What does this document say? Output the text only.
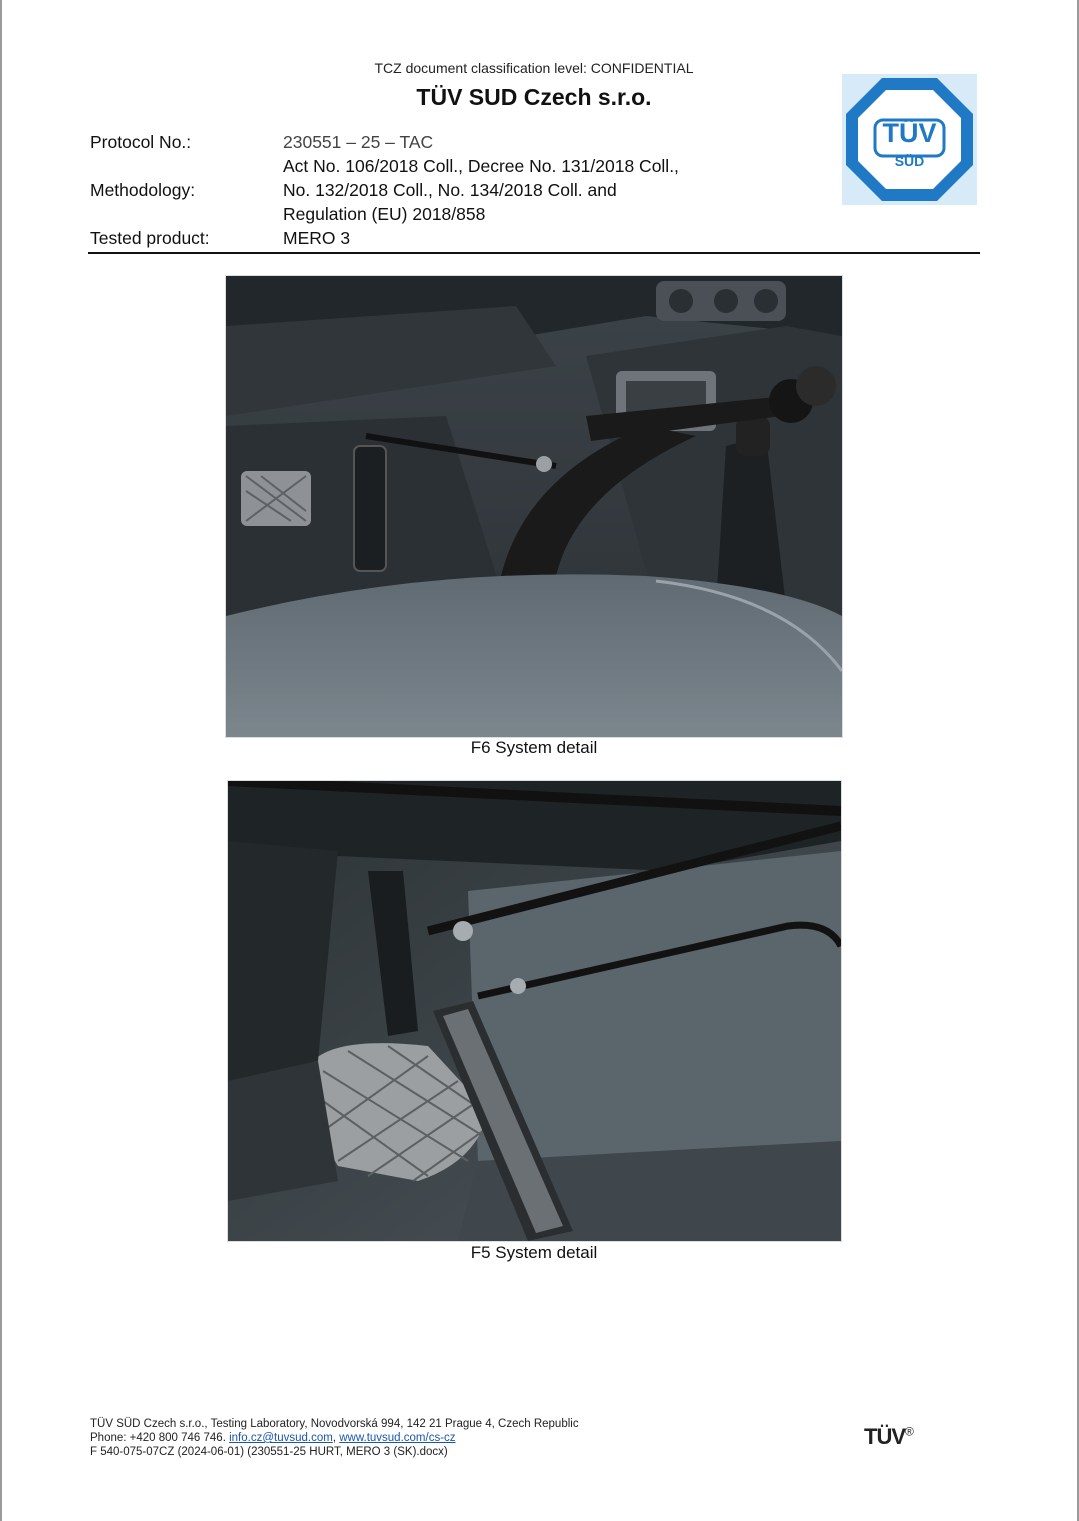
TCZ document classification level: CONFIDENTIAL
TÜV SUD Czech s.r.o.
TÜV
SÜD
Protocol No.:	230551 – 25 – TAC
Act No. 106/2018 Coll., Decree No. 131/2018 Coll.,
Methodology:	No. 132/2018 Coll., No. 134/2018 Coll. and
Regulation (EU) 2018/858
Tested product:	MERO 3
F6 System detail
F5 System detail
TÜV SÜD Czech s.r.o., Testing Laboratory, Novodvorská 994, 142 21 Prague 4, Czech Republic
Phone: +420 800 746 746. info.cz@tuvsud.com, www.tuvsud.com/cs-cz
F 540-075-07CZ (2024-06-01) (230551-25 HURT, MERO 3 (SK).docx)
TÜV®
